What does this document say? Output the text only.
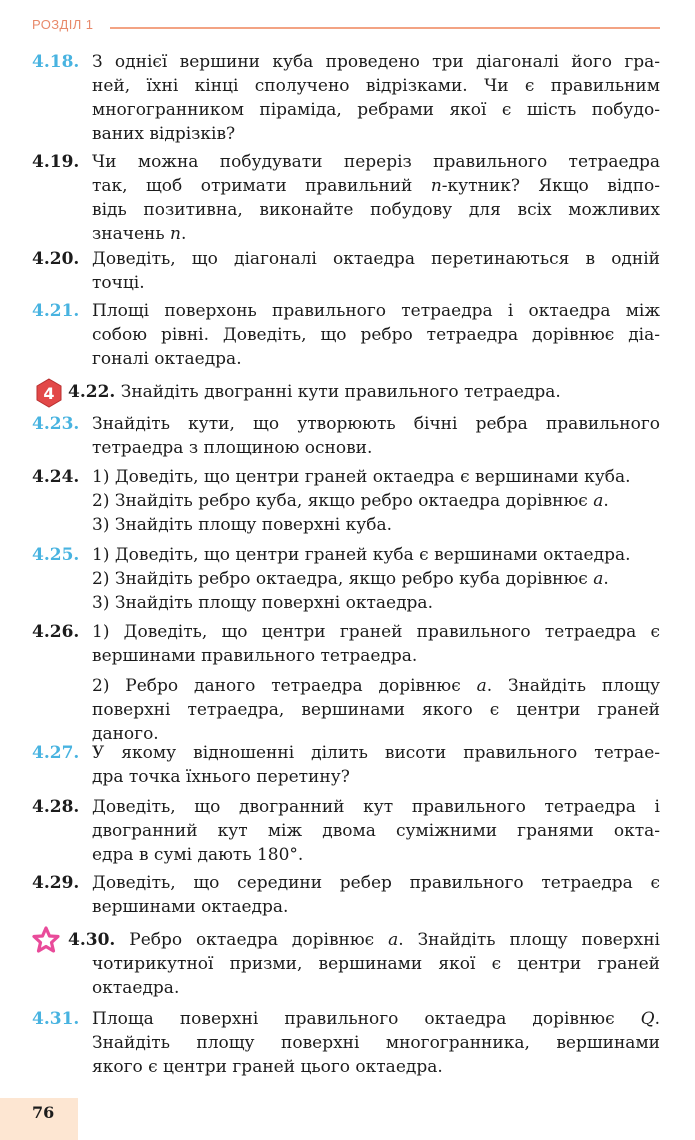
РОЗДІЛ 1
4.18. З однієї вершини куба проведено три діагоналі його гра-
ней, їхні кінці сполучено відрізками. Чи є правильним
многогранником піраміда, ребрами якої є шість побудо-
ваних відрізків?
4.19. Чи можна побудувати переріз правильного тетраедра
так, щоб отримати правильний n-кутник? Якщо відпо-
відь позитивна, виконайте побудову для всіх можливих
значень n.
4.20. Доведіть, що діагоналі октаедра перетинаються в одній
точці.
4.21. Площі поверхонь правильного тетраедра і октаедра між
собою рівні. Доведіть, що ребро тетраедра дорівнює діа-
гоналі октаедра.
4 4.22. Знайдіть двогранні кути правильного тетраедра.
4.23. Знайдіть кути, що утворюють бічні ребра правильного
тетраедра з площиною основи.
4.24. 1) Доведіть, що центри граней октаедра є вершинами куба.
2) Знайдіть ребро куба, якщо ребро октаедра дорівнює a.
3) Знайдіть площу поверхні куба.
4.25. 1) Доведіть, що центри граней куба є вершинами октаедра.
2) Знайдіть ребро октаедра, якщо ребро куба дорівнює a.
3) Знайдіть площу поверхні октаедра.
4.26. 1) Доведіть, що центри граней правильного тетраедра є
вершинами правильного тетраедра.
2) Ребро даного тетраедра дорівнює a. Знайдіть площу
поверхні тетраедра, вершинами якого є центри граней
даного.
4.27. У якому відношенні ділить висоти правильного тетрае-
дра точка їхнього перетину?
4.28. Доведіть, що двогранний кут правильного тетраедра і
двогранний кут між двома суміжними гранями окта-
едра в сумі дають 180°.
4.29. Доведіть, що середини ребер правильного тетраедра є
вершинами октаедра.
4.30. Ребро октаедра дорівнює a. Знайдіть площу поверхні
чотирикутної призми, вершинами якої є центри граней
октаедра.
4.31. Площа поверхні правильного октаедра дорівнює Q.
Знайдіть площу поверхні многогранника, вершинами
якого є центри граней цього октаедра.
76
